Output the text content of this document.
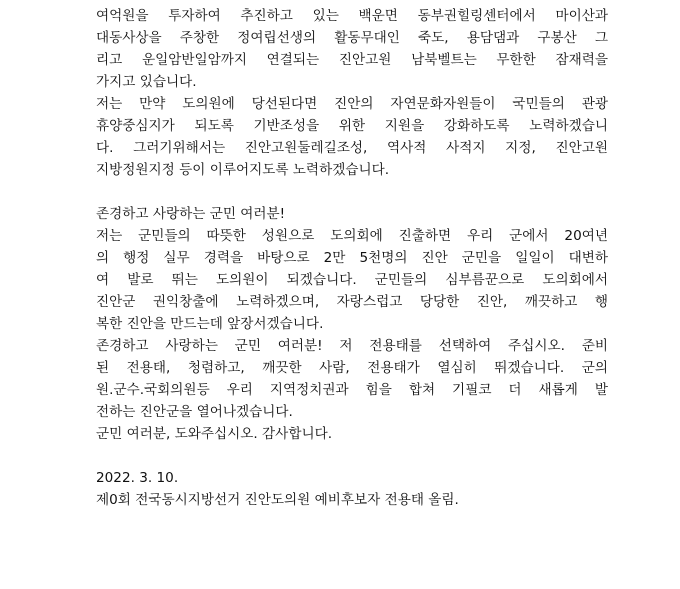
여억원을 투자하여 추진하고 있는 백운면 동부권힐링센터에서 마이산과
대동사상을 주창한 정여립선생의 활동무대인 죽도, 용담댐과 구봉산 그
리고 운일암반일암까지 연결되는 진안고원 남북벨트는 무한한 잠재력을
가지고 있습니다.
저는 만약 도의원에 당선된다면 진안의 자연문화자원들이 국민들의 관광
휴양중심지가 되도록 기반조성을 위한 지원을 강화하도록 노력하겠습니
다. 그러기위해서는 진안고원둘레길조성, 역사적 사적지 지정, 진안고원
지방정원지정 등이 이루어지도록 노력하겠습니다.
존경하고 사랑하는 군민 여러분!
저는 군민들의 따뜻한 성원으로 도의회에 진출하면 우리 군에서 20여년
의 행정 실무 경력을 바탕으로 2만 5천명의 진안 군민을 일일이 대변하
여 발로 뛰는 도의원이 되겠습니다. 군민들의 심부름꾼으로 도의회에서
진안군 권익창출에 노력하겠으며, 자랑스럽고 당당한 진안, 깨끗하고 행
복한 진안을 만드는데 앞장서겠습니다.
존경하고 사랑하는 군민 여러분! 저 전용태를 선택하여 주십시오. 준비
된 전용태, 청렴하고, 깨끗한 사람, 전용태가 열심히 뛰겠습니다. 군의
원.군수.국회의원등 우리 지역정치권과 힘을 합쳐 기필코 더 새롭게 발
전하는 진안군을 열어나겠습니다.
군민 여러분, 도와주십시오. 감사합니다.
2022. 3. 10.
제0회 전국동시지방선거 진안도의원 예비후보자 전용태 올림.
